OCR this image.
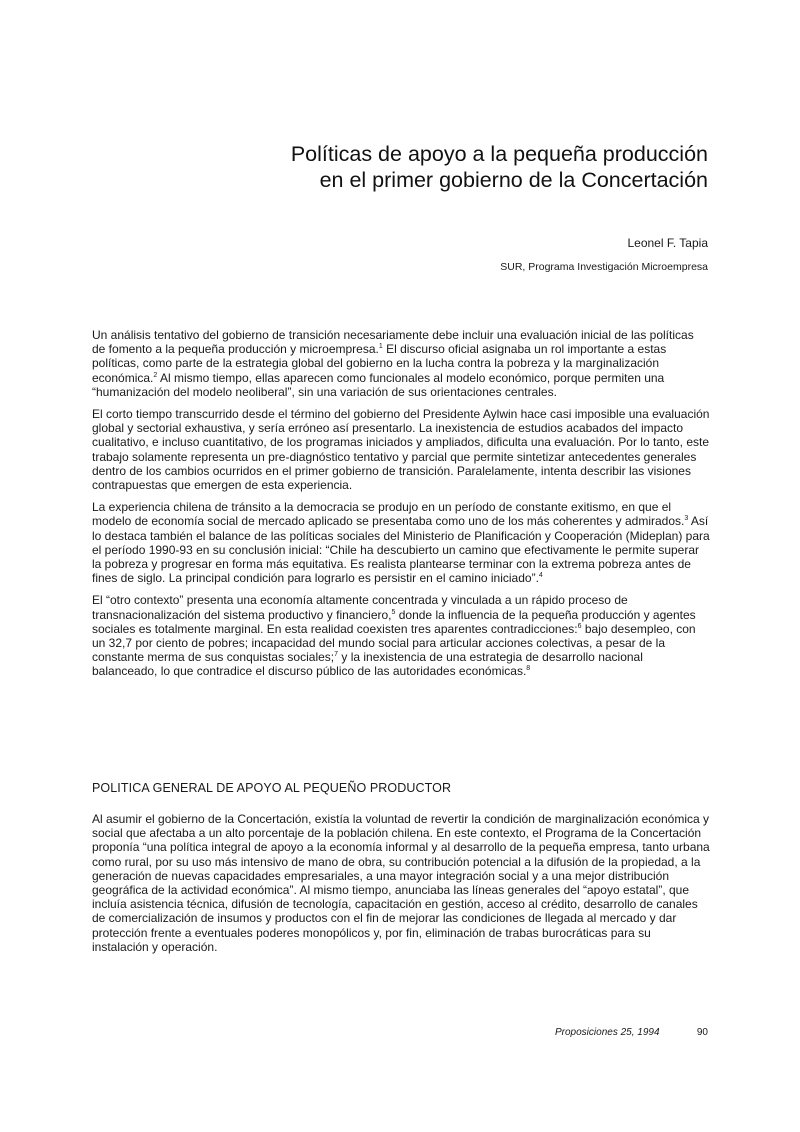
Políticas de apoyo a la pequeña producción
en el primer gobierno de la Concertación

Leonel F. Tapia

SUR, Programa Investigación Microempresa

Un análisis tentativo del gobierno de transición necesariamente debe incluir una evaluación inicial de las políticas de fomento a la pequeña producción y microempresa.$^1$ El discurso oficial asignaba un rol importante a estas políticas, como parte de la estrategia global del gobierno en la lucha contra la pobreza y la marginalización económica.$^2$ Al mismo tiempo, ellas aparecen como funcionales al modelo económico, porque permiten una “humanización del modelo neoliberal”, sin una variación de sus orientaciones centrales.

El corto tiempo transcurrido desde el término del gobierno del Presidente Aylwin hace casi imposible una evaluación global y sectorial exhaustiva, y sería erróneo así presentarlo. La inexistencia de estudios acabados del impacto cualitativo, e incluso cuantitativo, de los programas iniciados y ampliados, dificulta una evaluación. Por lo tanto, este trabajo solamente representa un pre-diagnóstico tentativo y parcial que permite sintetizar antecedentes generales dentro de los cambios ocurridos en el primer gobierno de transición. Paralelamente, intenta describir las visiones contrapuestas que emergen de esta experiencia.

La experiencia chilena de tránsito a la democracia se produjo en un período de constante exitismo, en que el modelo de economía social de mercado aplicado se presentaba como uno de los más coherentes y admirados.$^3$ Así lo destaca también el balance de las políticas sociales del Ministerio de Planificación y Cooperación (Mideplan) para el período 1990-93 en su conclusión inicial: “Chile ha descubierto un camino que efectivamente le permite superar la pobreza y progresar en forma más equitativa. Es realista plantearse terminar con la extrema pobreza antes de fines de siglo. La principal condición para lograrlo es persistir en el camino iniciado”.$^4$

El “otro contexto” presenta una economía altamente concentrada y vinculada a un rápido proceso de transnacionalización del sistema productivo y financiero,$^5$ donde la influencia de la pequeña producción y agentes sociales es totalmente marginal. En esta realidad coexisten tres aparentes contradicciones:$^6$ bajo desempleo, con un 32,7 por ciento de pobres; incapacidad del mundo social para articular acciones colectivas, a pesar de la constante merma de sus conquistas sociales;$^7$ y la inexistencia de una estrategia de desarrollo nacional balanceado, lo que contradice el discurso público de las autoridades económicas.$^8$

POLITICA GENERAL DE APOYO AL PEQUEÑO PRODUCTOR

Al asumir el gobierno de la Concertación, existía la voluntad de revertir la condición de marginalización económica y social que afectaba a un alto porcentaje de la población chilena. En este contexto, el Programa de la Concertación proponía “una política integral de apoyo a la economía informal y al desarrollo de la pequeña empresa, tanto urbana como rural, por su uso más intensivo de mano de obra, su contribución potencial a la difusión de la propiedad, a la generación de nuevas capacidades empresariales, a una mayor integración social y a una mejor distribución geográfica de la actividad económica”. Al mismo tiempo, anunciaba las líneas generales del “apoyo estatal”, que incluía asistencia técnica, difusión de tecnología, capacitación en gestión, acceso al crédito, desarrollo de canales de comercialización de insumos y productos con el fin de mejorar las condiciones de llegada al mercado y dar protección frente a eventuales poderes monopólicos y, por fin, eliminación de trabas burocráticas para su instalación y operación.

Proposiciones 25, 1994	90
